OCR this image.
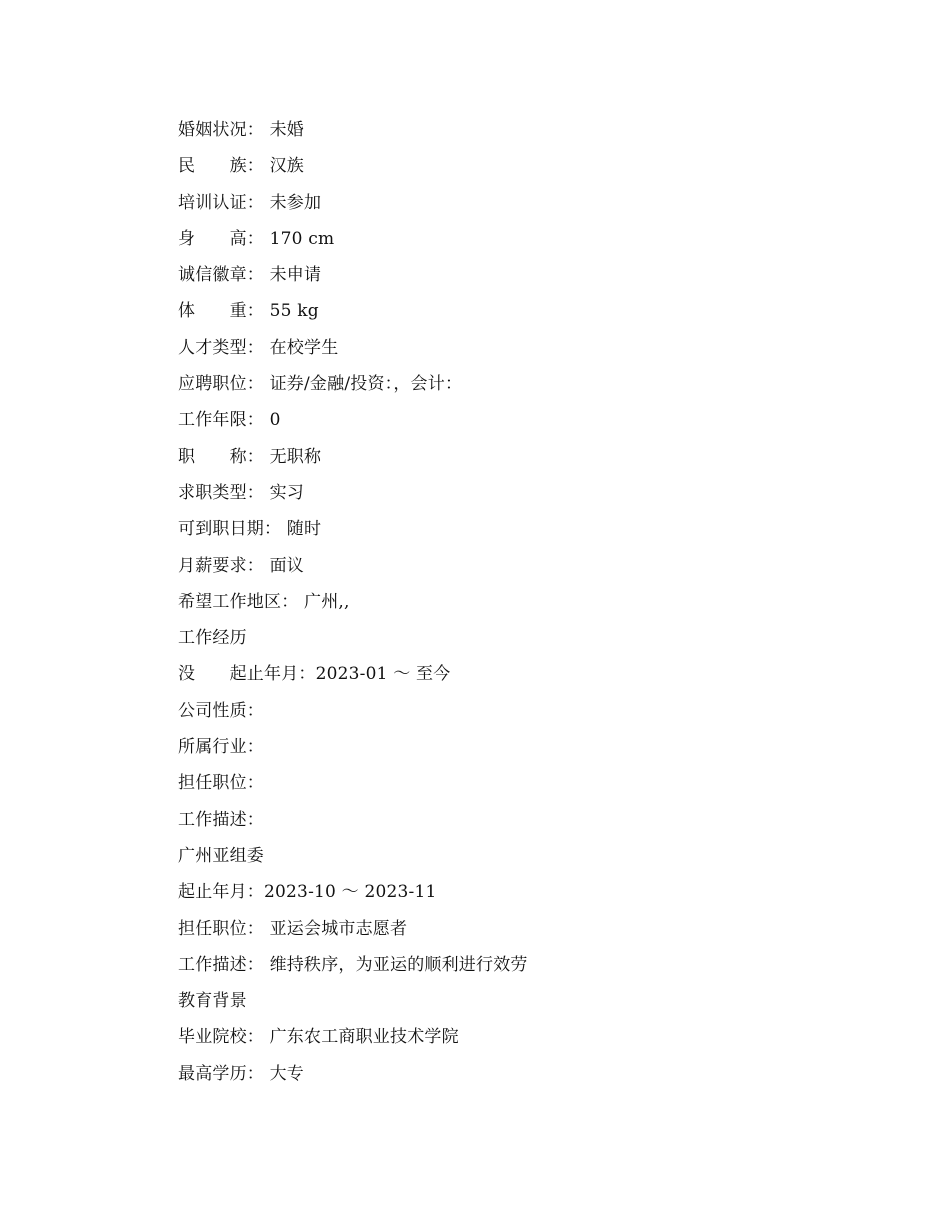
婚姻状况： 未婚
民　　族： 汉族
培训认证： 未参加
身　　高： 170 cm
诚信徽章： 未申请
体　　重： 55 kg
人才类型： 在校学生
应聘职位： 证券/金融/投资：，会计：
工作年限： 0
职　　称： 无职称
求职类型： 实习
可到职日期： 随时
月薪要求： 面议
希望工作地区： 广州,,
工作经历
没　　起止年月：2023-01 ～ 至今
公司性质：
所属行业：
担任职位：
工作描述：
广州亚组委
起止年月：2023-10 ～ 2023-11
担任职位： 亚运会城市志愿者
工作描述： 维持秩序，为亚运的顺利进行效劳
教育背景
毕业院校： 广东农工商职业技术学院
最高学历： 大专
